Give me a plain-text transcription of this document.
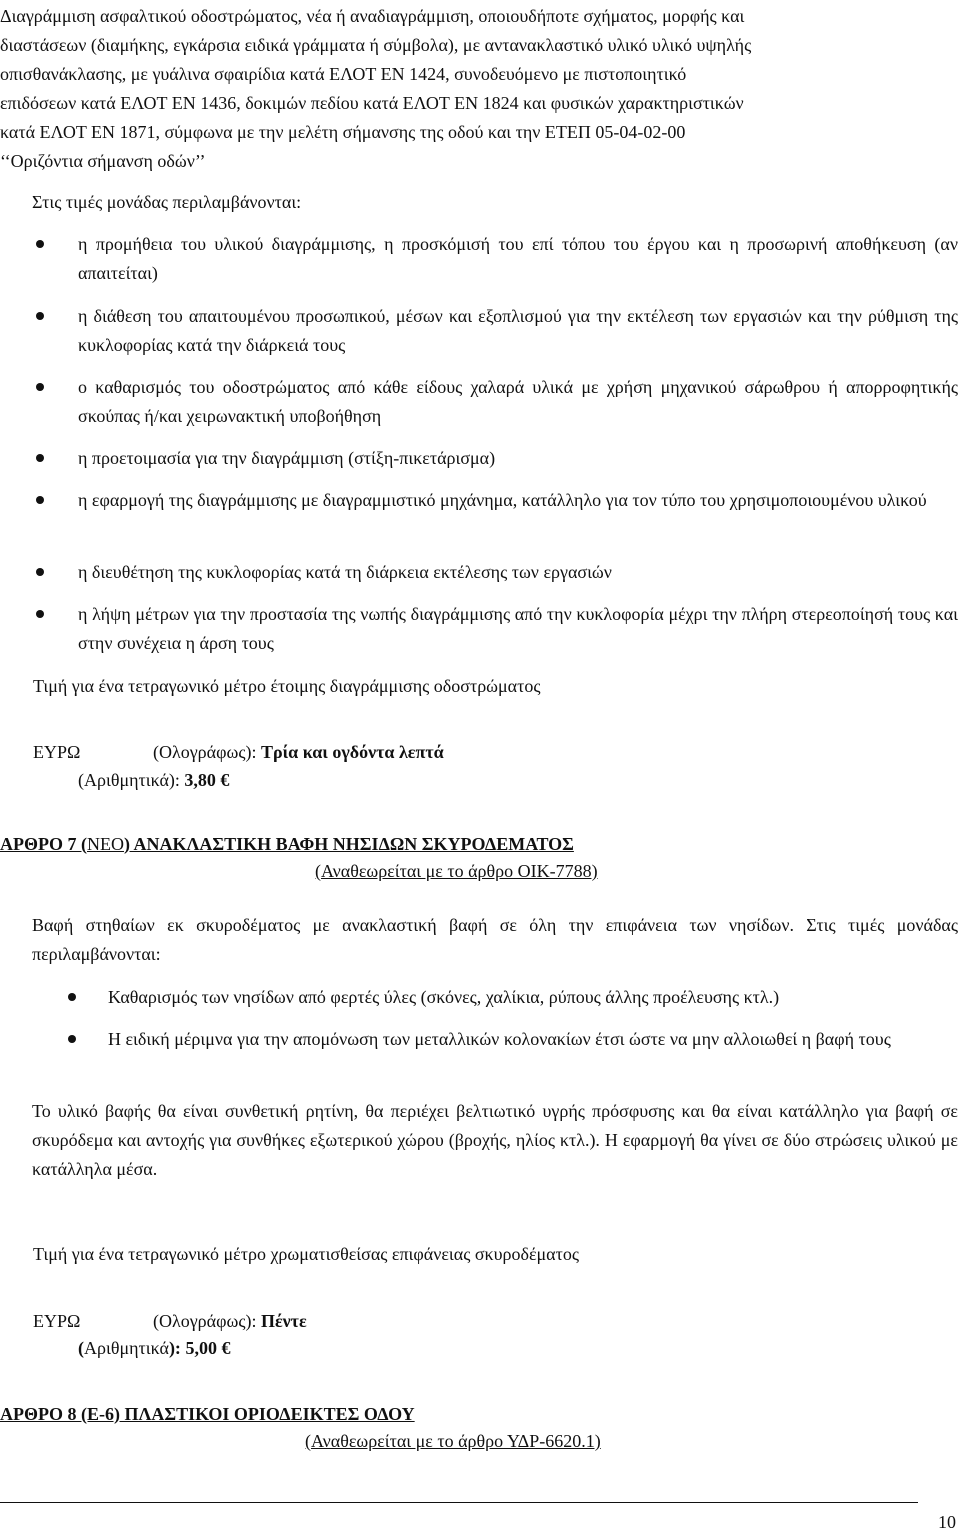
Διαγράμμιση ασφαλτικού οδοστρώματος, νέα ή αναδιαγράμμιση, οποιουδήποτε σχήματος, μορφής και

διαστάσεων (διαμήκης, εγκάρσια ειδικά γράμματα ή σύμβολα), με αντανακλαστικό υλικό υλικό υψηλής

οπισθανάκλασης, με γυάλινα σφαιρίδια κατά ΕΛΟΤ ΕΝ 1424, συνοδευόμενο με πιστοποιητικό

επιδόσεων κατά ΕΛΟΤ ΕΝ 1436, δοκιμών πεδίου κατά ΕΛΟΤ ΕΝ 1824 και φυσικών χαρακτηριστικών

κατά ΕΛΟΤ ΕΝ 1871, σύμφωνα με την μελέτη σήμανσης της οδού και την ΕΤΕΠ 05-04-02-00

‘‘Οριζόντια σήμανση οδών’’

Στις τιμές μονάδας περιλαμβάνονται:
η προμήθεια του υλικού διαγράμμισης, η προσκόμισή του επί τόπου του έργου και η προσωρινή αποθήκευση (αν απαιτείται)
η διάθεση του απαιτουμένου προσωπικού, μέσων και εξοπλισμού για την εκτέλεση των εργασιών και την ρύθμιση της κυκλοφορίας κατά την διάρκειά τους
ο καθαρισμός του οδοστρώματος από κάθε είδους χαλαρά υλικά με χρήση μηχανικού σάρωθρου ή απορροφητικής σκούπας ή/και χειρωνακτική υποβοήθηση
η προετοιμασία για την διαγράμμιση (στίξη-πικετάρισμα)
η εφαρμογή της διαγράμμισης με διαγραμμιστικό μηχάνημα, κατάλληλο για τον τύπο του χρησιμοποιουμένου υλικού
η διευθέτηση της κυκλοφορίας κατά τη διάρκεια εκτέλεσης των εργασιών
η λήψη μέτρων για την προστασία της νωπής διαγράμμισης από την κυκλοφορία μέχρι την πλήρη στερεοποίησή τους και στην συνέχεια η άρση τους
Τιμή για ένα τετραγωνικό μέτρο έτοιμης διαγράμμισης οδοστρώματος
ΕΥΡΩ	(Ολογράφως): Τρία και ογδόντα λεπτά
(Αριθμητικά): 3,80 €
ΑΡΘΡΟ 7 (ΝΕΟ) ΑΝΑΚΛΑΣΤΙΚΗ ΒΑΦΗ ΝΗΣΙΔΩΝ ΣΚΥΡΟΔΕΜΑΤΟΣ
(Αναθεωρείται με το άρθρο ΟΙΚ-7788)
Βαφή στηθαίων εκ σκυροδέματος με ανακλαστική βαφή σε όλη την επιφάνεια των νησίδων. Στις τιμές μονάδας περιλαμβάνονται:
Καθαρισμός των νησίδων από φερτές ύλες (σκόνες, χαλίκια, ρύπους άλλης προέλευσης κτλ.)
Η ειδική μέριμνα για την απομόνωση των μεταλλικών κολονακίων έτσι ώστε να μην αλλοιωθεί η βαφή τους
Το υλικό βαφής θα είναι συνθετική ρητίνη, θα περιέχει βελτιωτικό υγρής πρόσφυσης και θα είναι κατάλληλο για βαφή σε σκυρόδεμα και αντοχής για συνθήκες εξωτερικού χώρου (βροχής, ηλίος κτλ.). Η εφαρμογή θα γίνει σε δύο στρώσεις υλικού με κατάλληλα μέσα.
Τιμή για ένα τετραγωνικό μέτρο χρωματισθείσας επιφάνειας σκυροδέματος
ΕΥΡΩ	(Ολογράφως): Πέντε
(Αριθμητικά): 5,00 €
ΑΡΘΡΟ 8 (Ε-6) ΠΛΑΣΤΙΚΟΙ ΟΡΙΟΔΕΙΚΤΕΣ ΟΔΟΥ
(Αναθεωρείται με το άρθρο ΥΔΡ-6620.1)
10
